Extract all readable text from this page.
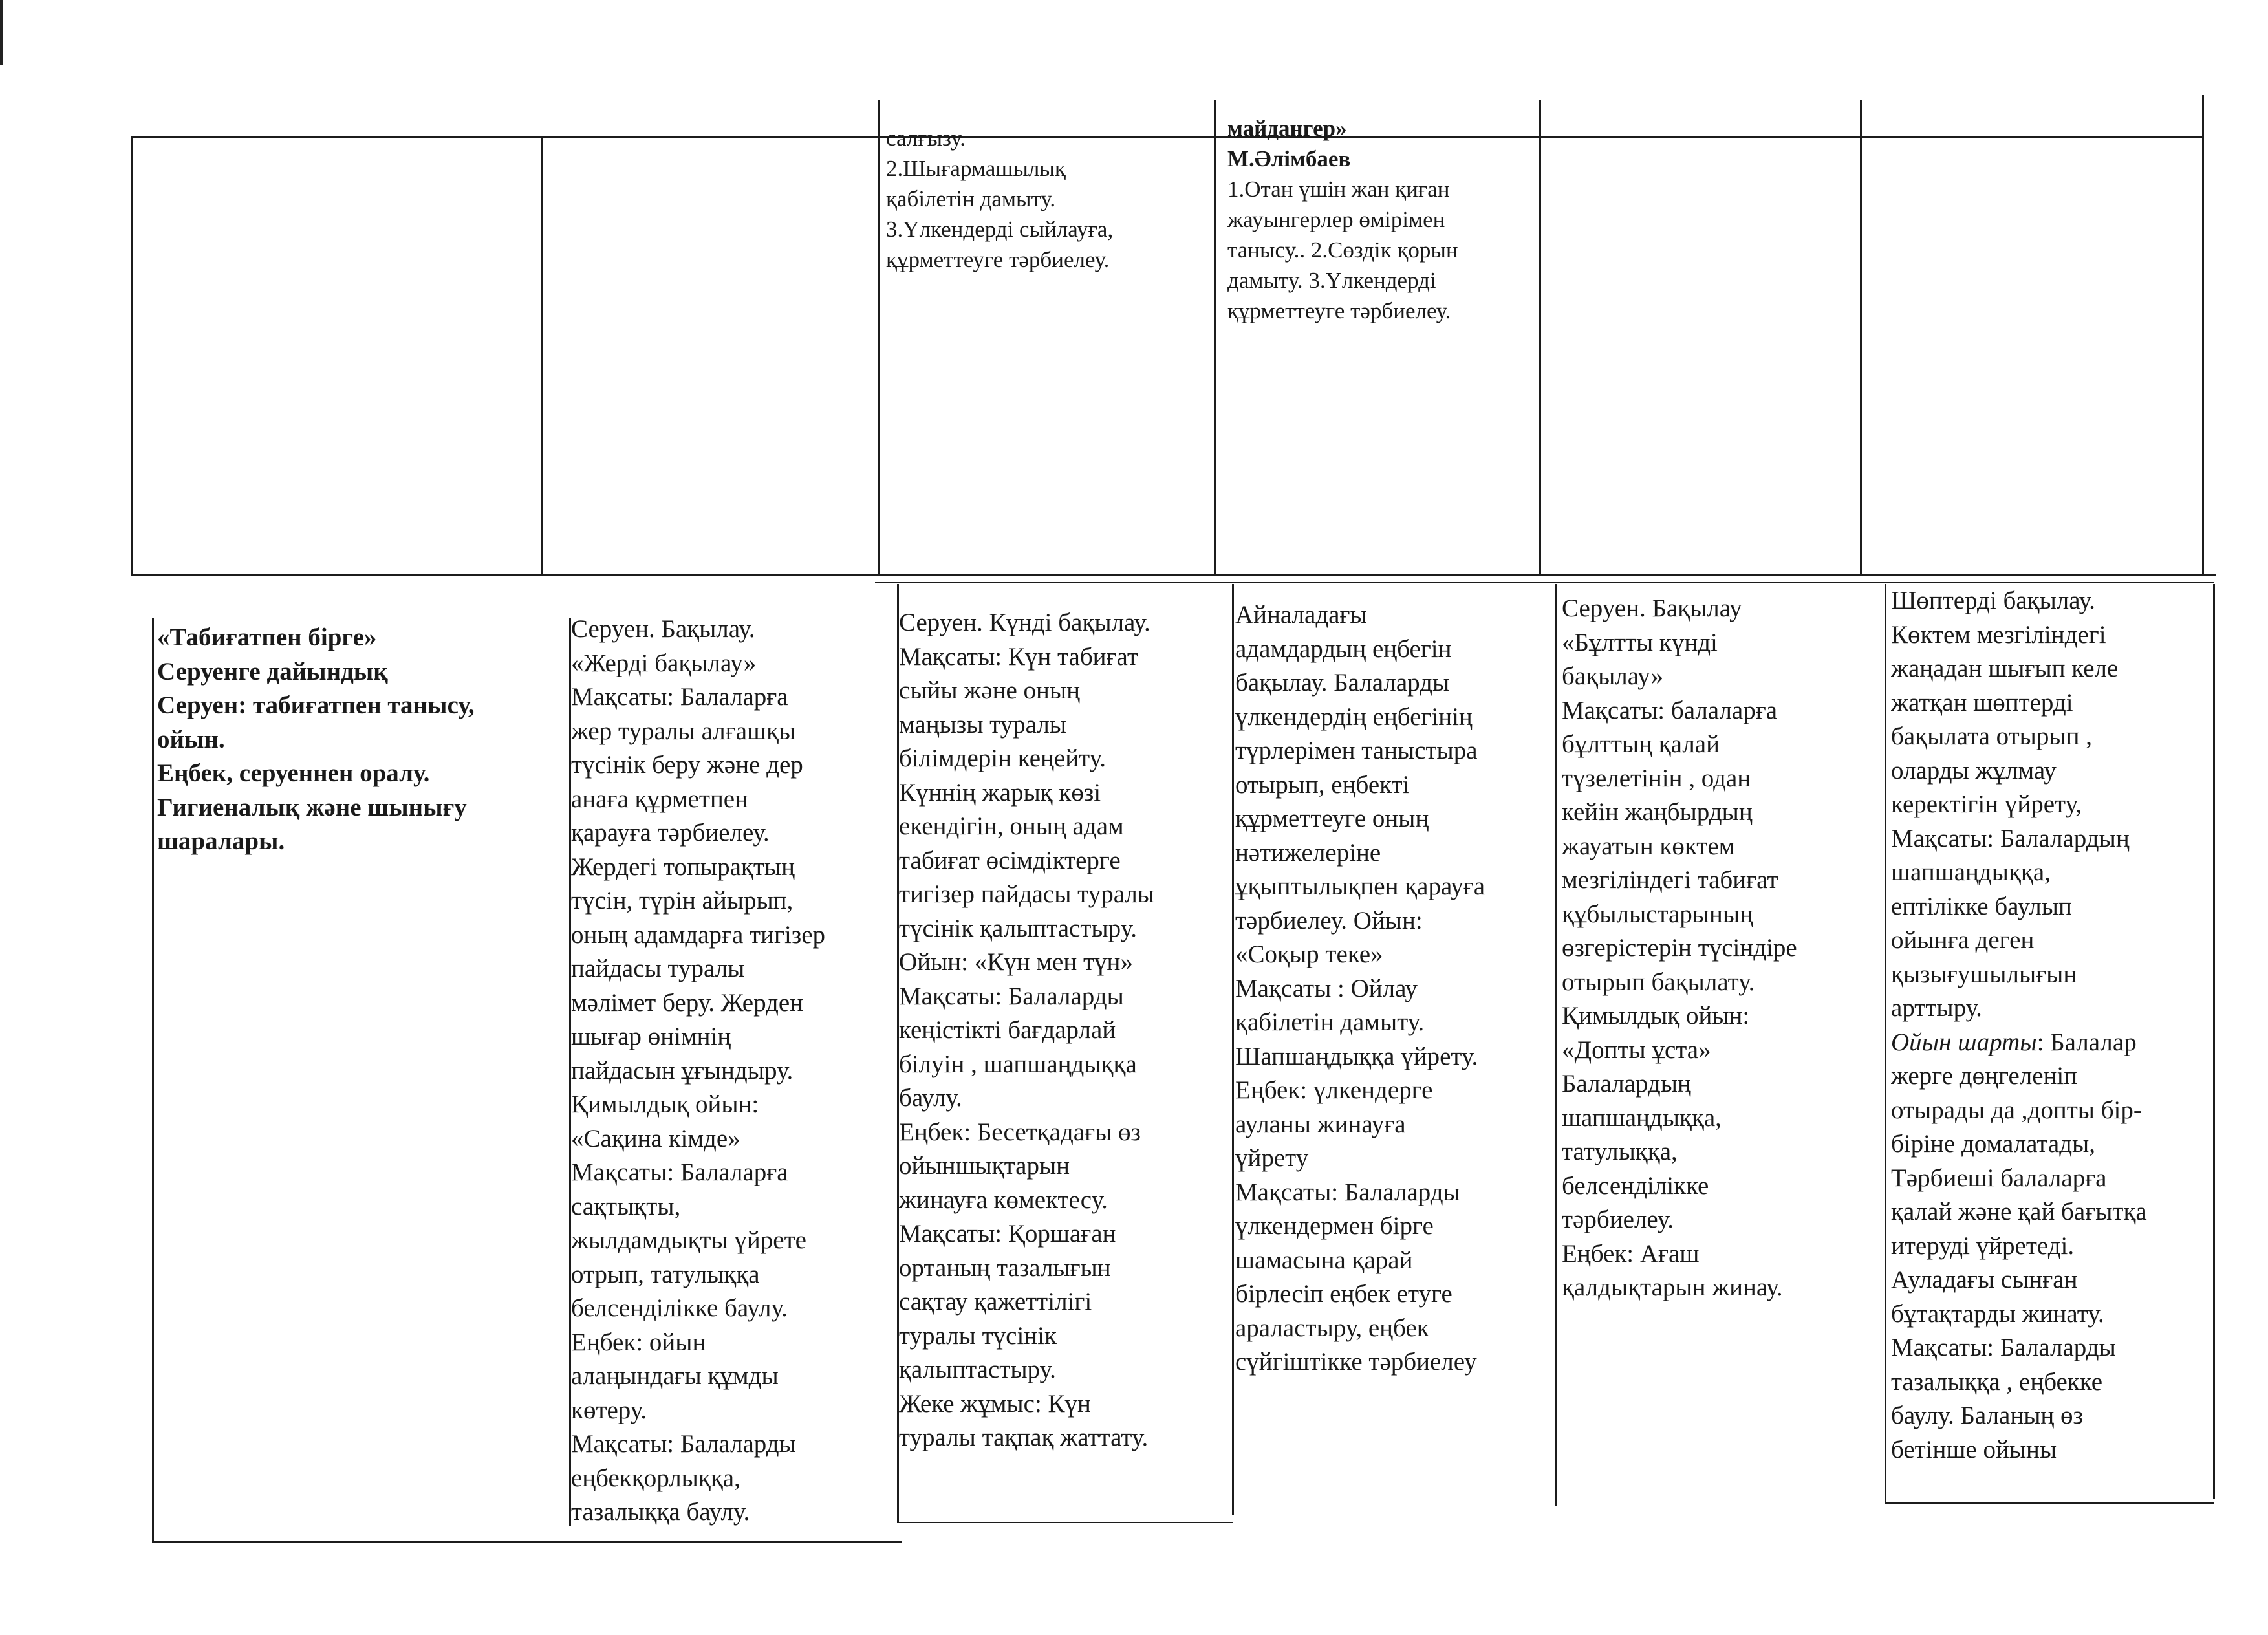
салғызу.
2.Шығармашылық
қабілетін дамыту.
3.Үлкендерді сыйлауға,
құрметтеуге тәрбиелеу.
майдангер»
М.Әлімбаев
1.Отан үшін жан қиған
жауынгерлер өмірімен
танысу.. 2.Сөздік қорын
дамыту. 3.Үлкендерді
құрметтеуге тәрбиелеу.
«Табиғатпен бірге»
Серуенге дайындық
Серуен: табиғатпен танысу,
ойын.
Еңбек, серуеннен оралу.
Гигиеналық және шынығу
шаралары.
Серуен. Бақылау.
«Жерді бақылау»
Мақсаты: Балаларға
жер туралы алғашқы
түсінік беру және дер
анаға құрметпен
қарауға тәрбиелеу.
Жердегі топырақтың
түсін, түрін айырып,
оның адамдарға тигізер
пайдасы туралы
мәлімет беру. Жерден
шығар өнімнің
пайдасын ұғындыру.
Қимылдық ойын:
«Сақина кімде»
Мақсаты: Балаларға
сақтықты,
жылдамдықты үйрете
отрып, татулыққа
белсенділікке баулу.
Еңбек: ойын
алаңындағы құмды
көтеру.
Мақсаты: Балаларды
еңбекқорлыққа,
тазалыққа баулу.
Серуен. Күнді бақылау.
Мақсаты: Күн табиғат
сыйы және оның
маңызы туралы
білімдерін кеңейту.
Күннің жарық көзі
екендігін, оның адам
табиғат өсімдіктерге
тигізер пайдасы туралы
түсінік қалыптастыру.
Ойын: «Күн мен түн»
Мақсаты: Балаларды
кеңістікті бағдарлай
білуін , шапшаңдыққа
баулу.
Еңбек: Бесетқадағы өз
ойыншықтарын
жинауға көмектесу.
Мақсаты: Қоршаған
ортаның тазалығын
сақтау қажеттілігі
туралы түсінік
қалыптастыру.
Жеке жұмыс: Күн
туралы тақпақ жаттату.
Айналадағы
адамдардың еңбегін
бақылау. Балаларды
үлкендердің еңбегінің
түрлерімен таныстыра
отырып, еңбекті
құрметтеуге оның
нәтижелеріне
ұқыптылықпен қарауға
тәрбиелеу. Ойын:
«Соқыр теке»
Мақсаты : Ойлау
қабілетін дамыту.
Шапшаңдыққа үйрету.
Еңбек: үлкендерге
ауланы жинауға
үйрету
Мақсаты: Балаларды
үлкендермен бірге
шамасына қарай
бірлесіп еңбек етуге
араластыру, еңбек
сүйгіштікке тәрбиелеу
Серуен. Бақылау
«Бұлтты күнді
бақылау»
Мақсаты: балаларға
бұлттың қалай
түзелетінін , одан
кейін жаңбырдың
жауатын көктем
мезгіліндегі табиғат
құбылыстарының
өзгерістерін түсіндіре
отырып бақылату.
Қимылдық ойын:
«Допты ұста»
Балалардың
шапшаңдыққа,
татулыққа,
белсенділікке
тәрбиелеу.
Еңбек: Ағаш
қалдықтарын жинау.
Шөптерді бақылау.
Көктем мезгіліндегі
жаңадан шығып келе
жатқан шөптерді
бақылата отырып ,
оларды жұлмау
керектігін үйрету,
Мақсаты: Балалардың
шапшаңдыққа,
ептілікке баулып
ойынға деген
қызығушылығын
арттыру.
Ойын шарты: Балалар
жерге дөңгеленіп
отырады да ,допты бір-
біріне домалатады,
Тәрбиеші балаларға
қалай және қай бағытқа
итеруді үйретеді.
Ауладағы сынған
бұтақтарды жинату.
Мақсаты: Балаларды
тазалыққа , еңбекке
баулу. Баланың өз
бетінше ойыны
